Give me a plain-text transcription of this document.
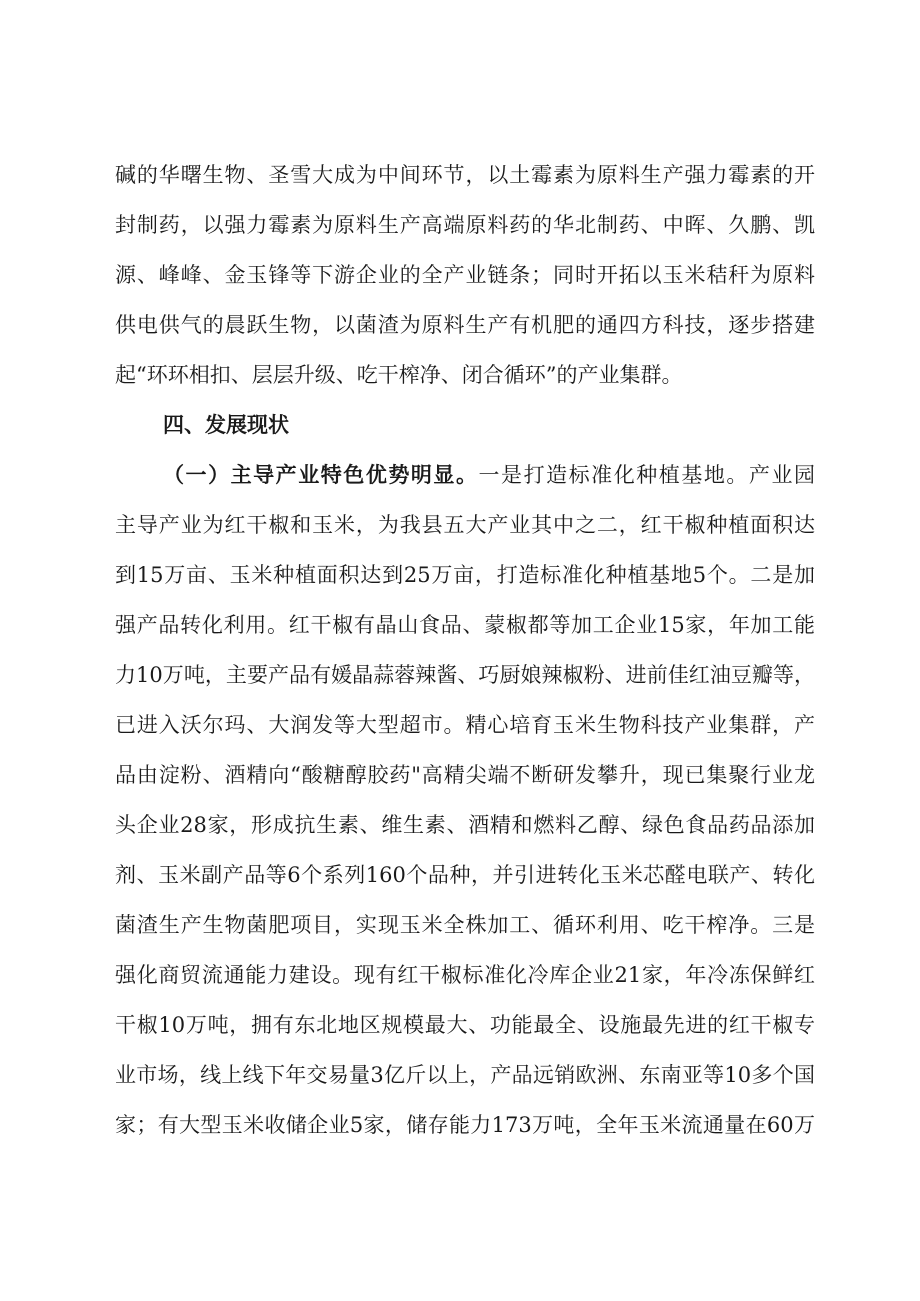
碱的华曙生物、圣雪大成为中间环节，以土霉素为原料生产强力霉素的开
封制药，以强力霉素为原料生产高端原料药的华北制药、中晖、久鹏、凯
源、峰峰、金玉锋等下游企业的全产业链条；同时开拓以玉米秸秆为原料
供电供气的晨跃生物，以菌渣为原料生产有机肥的通四方科技，逐步搭建
起“环环相扣、层层升级、吃干榨净、闭合循环”的产业集群。
四、发展现状
（一）主导产业特色优势明显。一是打造标准化种植基地。产业园
主导产业为红干椒和玉米，为我县五大产业其中之二，红干椒种植面积达
到15万亩、玉米种植面积达到25万亩，打造标准化种植基地5个。二是加
强产品转化利用。红干椒有晶山食品、蒙椒都等加工企业15家，年加工能
力10万吨，主要产品有媛晶蒜蓉辣酱、巧厨娘辣椒粉、进前佳红油豆瓣等，
已进入沃尔玛、大润发等大型超市。精心培育玉米生物科技产业集群，产
品由淀粉、酒精向“酸糖醇胶药"高精尖端不断研发攀升，现已集聚行业龙
头企业28家，形成抗生素、维生素、酒精和燃料乙醇、绿色食品药品添加
剂、玉米副产品等6个系列160个品种，并引进转化玉米芯醛电联产、转化
菌渣生产生物菌肥项目，实现玉米全株加工、循环利用、吃干榨净。三是
强化商贸流通能力建设。现有红干椒标准化冷库企业21家，年冷冻保鲜红
干椒10万吨，拥有东北地区规模最大、功能最全、设施最先进的红干椒专
业市场，线上线下年交易量3亿斤以上，产品远销欧洲、东南亚等10多个国
家；有大型玉米收储企业5家，储存能力173万吨，全年玉米流通量在60万
